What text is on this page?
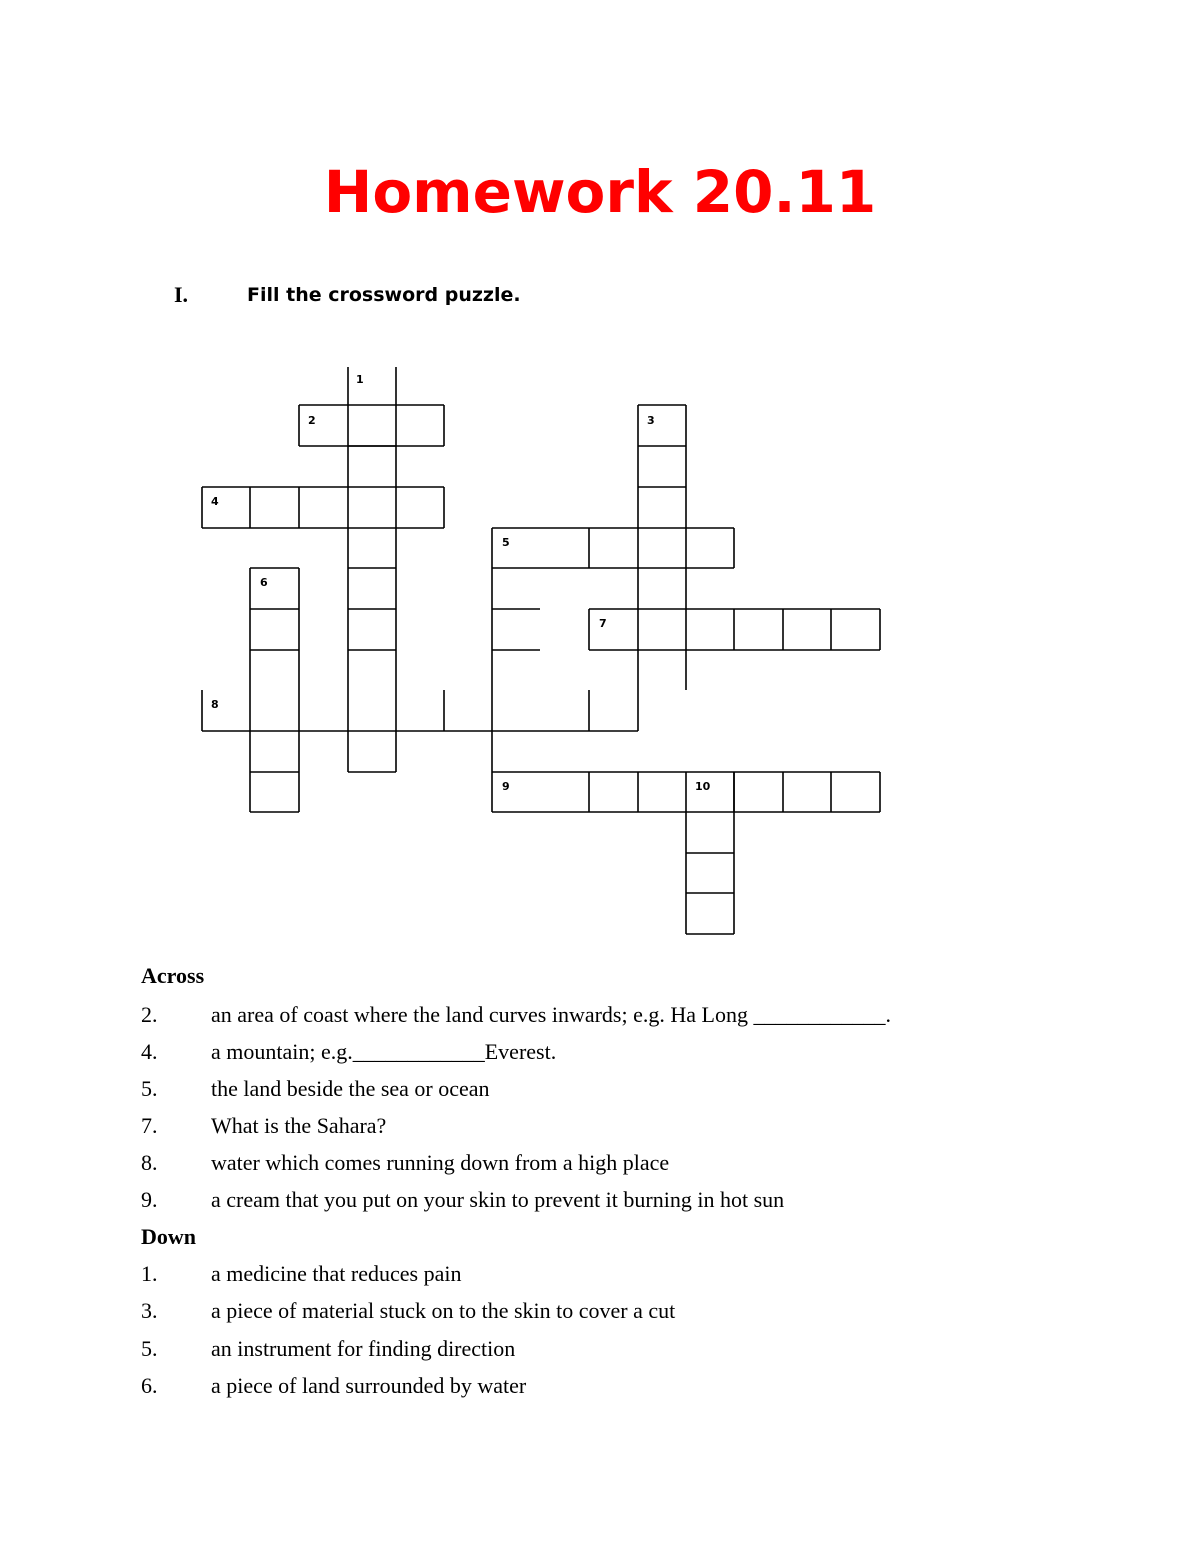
Homework 20.11
I.	Fill the crossword puzzle.
1
2	3
4
5
6
7
8
9	10
Across
2. an area of coast where the land curves inwards; e.g. Ha Long ____________.
4. a mountain; e.g.____________Everest.
5. the land beside the sea or ocean
7. What is the Sahara?
8. water which comes running down from a high place
9. a cream that you put on your skin to prevent it burning in hot sun
Down
1. a medicine that reduces pain
3. a piece of material stuck on to the skin to cover a cut
5. an instrument for finding direction
6. a piece of land surrounded by water
